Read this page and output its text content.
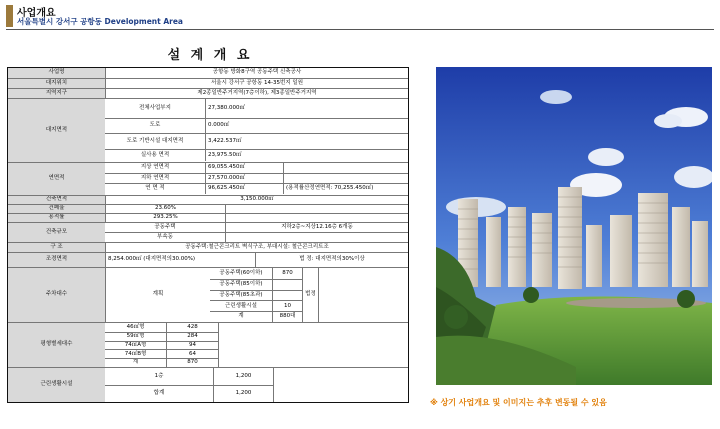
사업개요
서울특별시 강서구 공항동 Development Area
설 계 개 요
사업명	공항동 방화8구역 공동주택 신축공사
대지위치	서울시 강서구 공항동 14-35번지 일원
지역지구	제2종일반주거지역(7층이하), 제3종일반주거지역
대지면적
전체사업부지	27,380.000㎡
도로	0.000㎡
도로 기반시설 대지면적	3,422.537㎡
실사용 면적	23,975.50㎡
연면적
지상 연면적	69,055.450㎡
지하 연면적	27,570.000㎡
연 면 적	96,625.450㎡	(용적률산정연면적: 70,255.450㎡)
건축면적	3,150.000㎡
건폐율	23.60%
용적률	293.25%
건축규모
공동주택	지하2층~지상12.16층 6개동
부속동
구 조	공동주택:철근콘크리트 벽식구조, 부대시설: 철근콘크리트조
조경면적	8,254.000㎡ (대지면적의30.00%)	법 정: 대지면적의30%이상
주차대수	계획
공동주택(60이하)	870
공동주택(85이하)
공동주택(85초과)
근린생활시설	10
계	880대
법정
평형별세대수
46㎡형	428
59㎡형	284
74㎡A형	94
74㎡B형	64
계	870
근린생활시설
1층	1,200
합계	1,200
※ 상기 사업개요 및 이미지는 추후 변동될 수 있음
